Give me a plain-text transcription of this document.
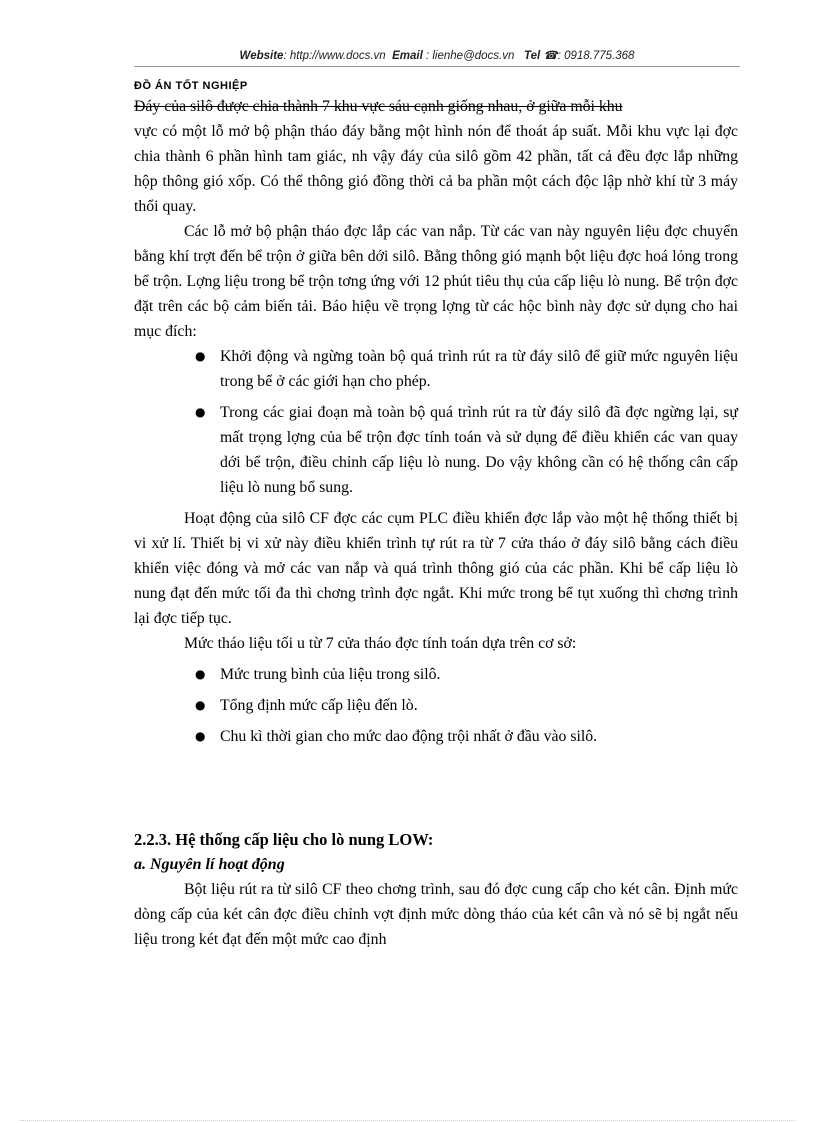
Website: http://www.docs.vn Email : lienhe@docs.vn Tel ☎: 0918.775.368
ĐỒ ÁN TỐT NGHIỆP

Đáy của silô được chia thành 7 khu vực sáu cạnh giống nhau, ở giữa mỗi khu

vực có một lỗ mở bộ phận tháo đáy bằng một hình nón để thoát áp suất. Mỗi khu vực lại đợc chia thành 6 phần hình tam giác, nh vậy đáy của silô gồm 42 phần, tất cả đều đợc lắp những hộp thông gió xốp. Có thể thông gió đồng thời cả ba phần một cách độc lập nhờ khí từ 3 máy thổi quay.

Các lỗ mở bộ phận tháo đợc lắp các van nắp. Từ các van này nguyên liệu đợc chuyển bằng khí trợt đến bể trộn ở giữa bên dới silô. Bằng thông gió mạnh bột liệu đợc hoá lỏng trong bể trộn. Lợng liệu trong bể trộn tơng ứng với 12 phút tiêu thụ của cấp liệu lò nung. Bể trộn đợc đặt trên các bộ cảm biến tải. Báo hiệu về trọng lợng từ các hộc bình này đợc sử dụng cho hai mục đích:

● Khởi động và ngừng toàn bộ quá trình rút ra từ đáy silô để giữ mức nguyên liệu trong bể ở các giới hạn cho phép.
● Trong các giai đoạn mà toàn bộ quá trình rút ra từ đáy silô đã đợc ngừng lại, sự mất trọng lợng của bể trộn đợc tính toán và sử dụng để điều khiển các van quay dới bể trộn, điều chỉnh cấp liệu lò nung. Do vậy không cần có hệ thống cân cấp liệu lò nung bổ sung.

Hoạt động của silô CF đợc các cụm PLC điều khiển đợc lắp vào một hệ thống thiết bị vi xử lí. Thiết bị vi xử này điều khiển trình tự rút ra từ 7 cửa tháo ở đáy silô bằng cách điều khiển việc đóng và mở các van nắp và quá trình thông gió của các phần. Khi bể cấp liệu lò nung đạt đến mức tối đa thì chơng trình đợc ngắt. Khi mức trong bể tụt xuống thì chơng trình lại đợc tiếp tục.

Mức tháo liệu tối u từ 7 cửa tháo đợc tính toán dựa trên cơ sở:

● Mức trung bình của liệu trong silô.
● Tổng định mức cấp liệu đến lò.
● Chu kì thời gian cho mức dao động trội nhất ở đầu vào silô.
2.2.3. Hệ thống cấp liệu cho lò nung LOW:
a. Nguyên lí hoạt động

Bột liệu rút ra từ silô CF theo chơng trình, sau đó đợc cung cấp cho két cân. Định mức dòng cấp của két cân đợc điều chỉnh vợt định mức dòng tháo của két cân và nó sẽ bị ngắt nếu liệu trong két đạt đến một mức cao định
